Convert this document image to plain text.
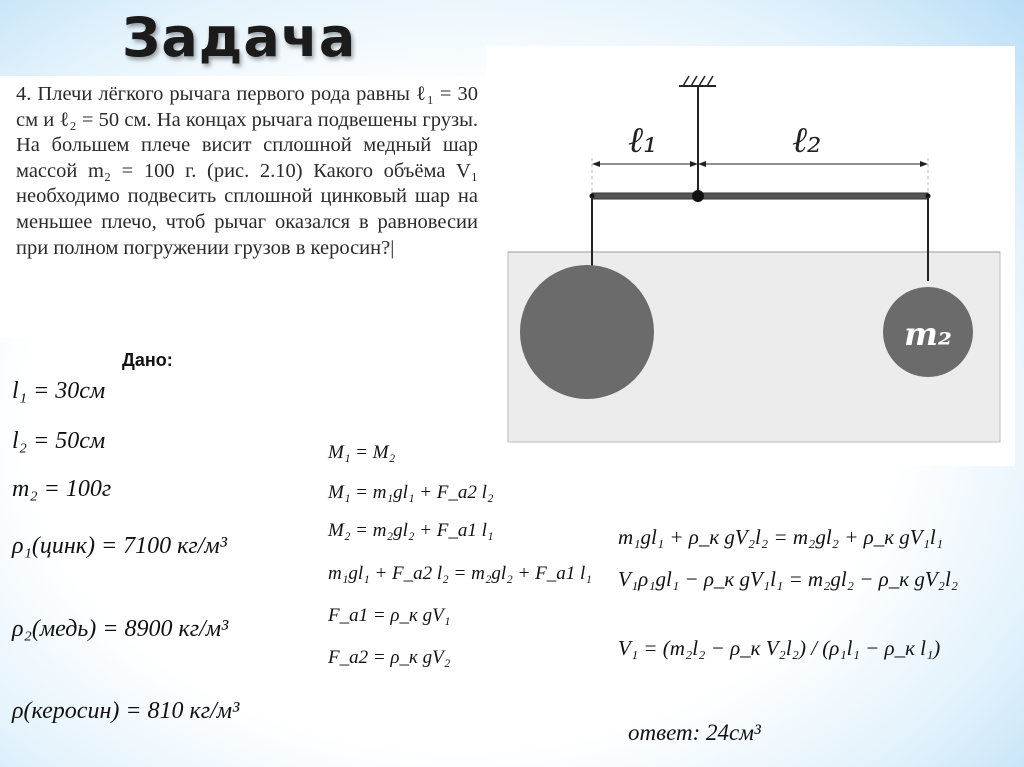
Задача

4. Плечи лёгкого рычага первого рода равны ℓ₁ = 30 см и ℓ₂ = 50 см. На концах рычага подвешены грузы. На большем плече висит сплошной медный шар массой m₂ = 100 г. (рис. 2.10) Какого объёма V₁ необходимо подвесить сплошной цинковый шар на меньшее плечо, чтоб рычаг оказался в равновесии при полном погружении грузов в керосин?|

ℓ₁	ℓ₂
m₂
Дано:
l₁ = 30см
l₂ = 50см
m₂ = 100г
ρ₁(цинк) = 7100 кг/м³
ρ₂(медь) = 8900 кг/м³
ρ(керосин) = 810 кг/м³
M₁ = M₂
M₁ = m₁gl₁ + F_a2 l₂
M₂ = m₂gl₂ + F_a1 l₁
m₁gl₁ + F_a2 l₂ = m₂gl₂ + F_a1 l₁
F_a1 = ρ_к gV₁
F_a2 = ρ_к gV₂
m₁gl₁ + ρ_к gV₂l₂ = m₂gl₂ + ρ_к gV₁l₁
V₁ρ₁gl₁ − ρ_к gV₁l₁ = m₂gl₂ − ρ_к gV₂l₂
V₁ = (m₂l₂ − ρ_к V₂l₂) / (ρ₁l₁ − ρ_к l₁)
ответ: 24см³
